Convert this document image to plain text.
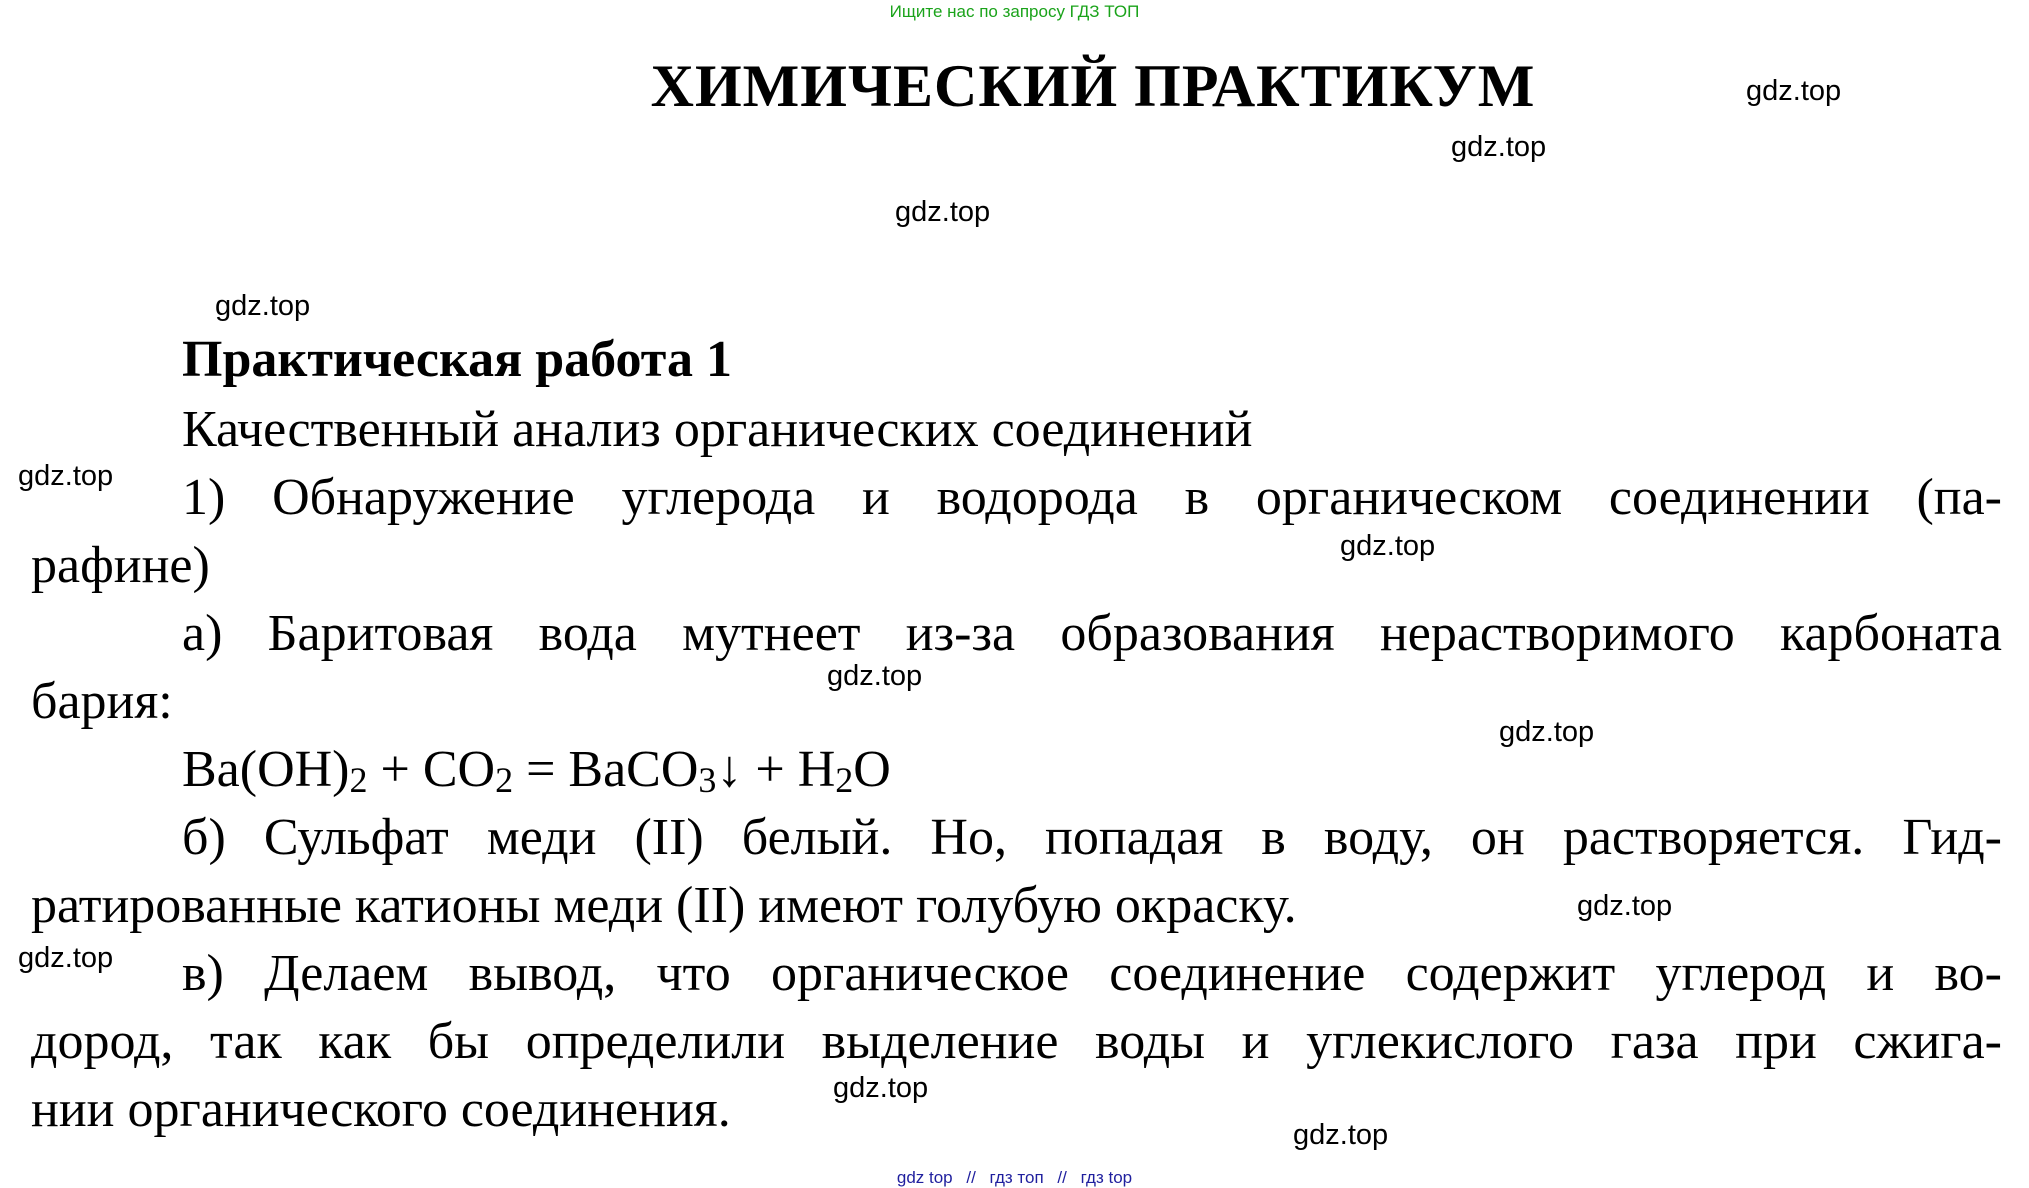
Ищите нас по запросу ГДЗ ТОП
ХИМИЧЕСКИЙ ПРАКТИКУМ	gdz.top
gdz.top
gdz.top
gdz.top
Практическая работа 1
Качественный анализ органических соединений
gdz.top 1) Обнаружение углерода и водорода в органическом соединении (па-
рафине)	gdz.top
а) Баритовая вода мутнеет из-за образования нерастворимого карбоната
gdz.top
бария:
gdz.top
$Ba(OH)_2 + CO_2$ = BaCO$_3$↓ + $H_2O$
б) Сульфат меди (II) белый. Но, попадая в воду, он растворяется. Гид-
ратированные катионы меди (II) имеют голубую окраску.	gdz.top
gdz.top в) Делаем вывод, что органическое соединение содержит углерод и во-
дород, так как бы определили выделение воды и углекислого газа при сжига-
нии органического соединения.	gdz.top
gdz.top
gdz top // гдз топ // гдз top
